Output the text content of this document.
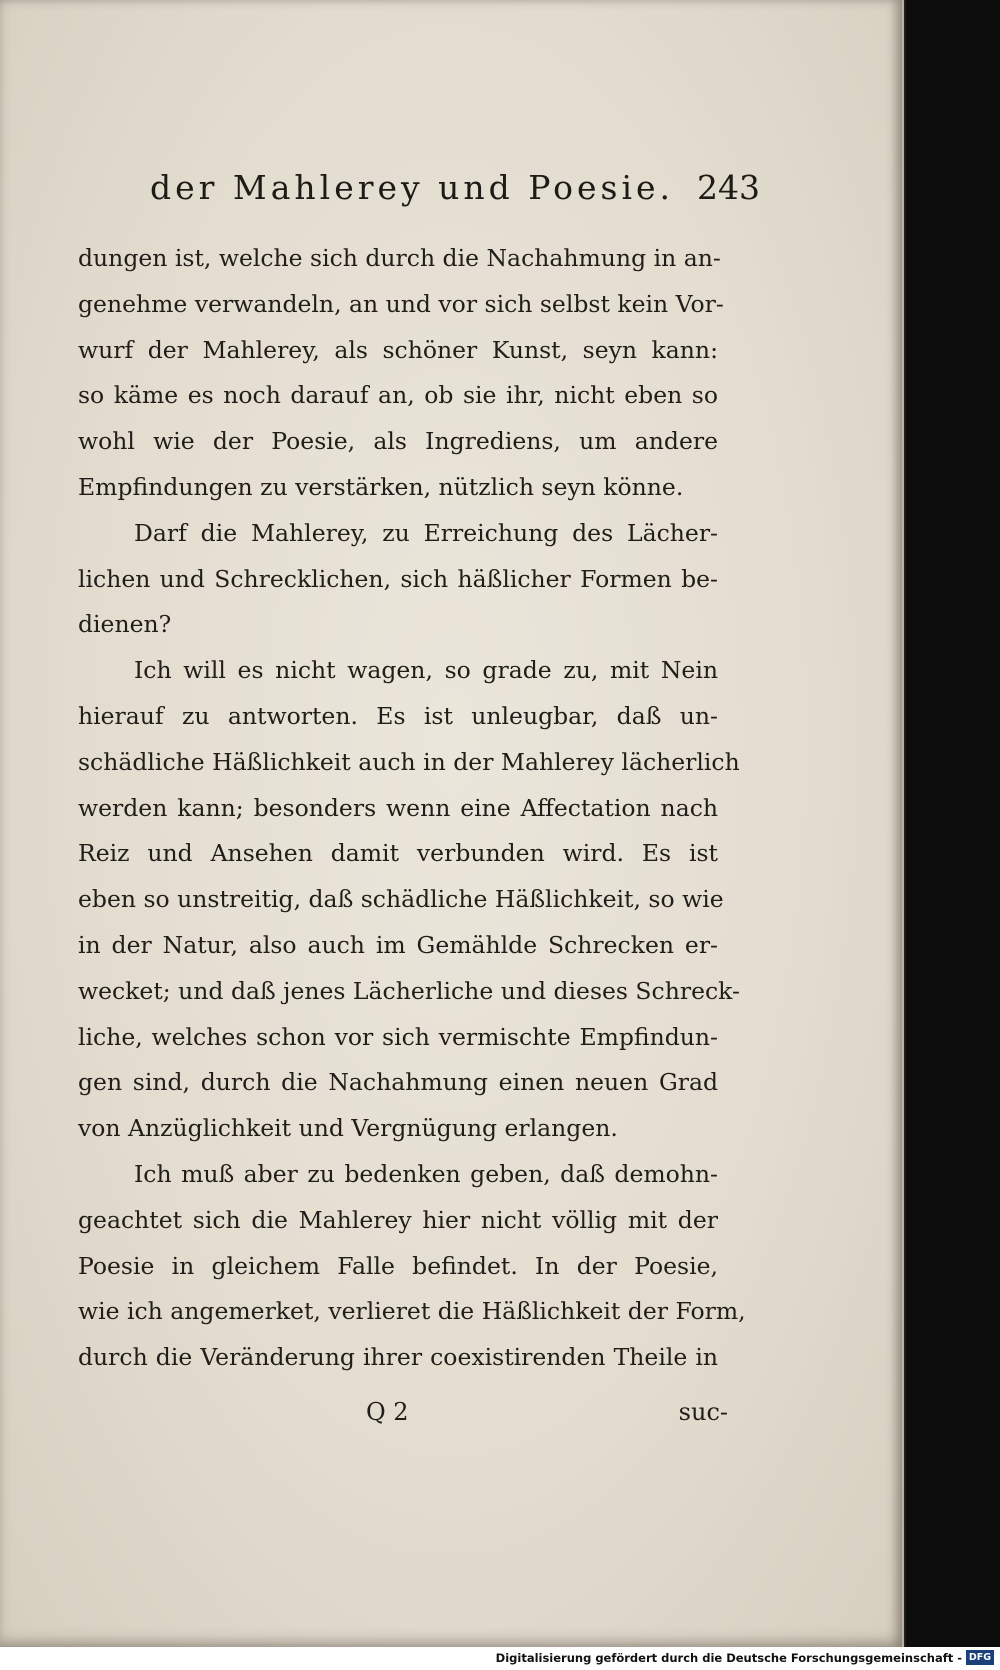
der Mahlerey und Poesie. 243
dungen ist, welche sich durch die Nachahmung in an-
genehme verwandeln, an und vor sich selbst kein Vor-
wurf der Mahlerey, als schöner Kunst, seyn kann:
so käme es noch darauf an, ob sie ihr, nicht eben so
wohl wie der Poesie, als Ingrediens, um andere
Empfindungen zu verstärken, nützlich seyn könne.
Darf die Mahlerey, zu Erreichung des Lächer-
lichen und Schrecklichen, sich häßlicher Formen be-
dienen?
Ich will es nicht wagen, so grade zu, mit Nein
hierauf zu antworten. Es ist unleugbar, daß un-
schädliche Häßlichkeit auch in der Mahlerey lächerlich
werden kann; besonders wenn eine Affectation nach
Reiz und Ansehen damit verbunden wird. Es ist
eben so unstreitig, daß schädliche Häßlichkeit, so wie
in der Natur, also auch im Gemählde Schrecken er-
wecket; und daß jenes Lächerliche und dieses Schreck-
liche, welches schon vor sich vermischte Empfindun-
gen sind, durch die Nachahmung einen neuen Grad
von Anzüglichkeit und Vergnügung erlangen.
Ich muß aber zu bedenken geben, daß demohn-
geachtet sich die Mahlerey hier nicht völlig mit der
Poesie in gleichem Falle befindet. In der Poesie,
wie ich angemerket, verlieret die Häßlichkeit der Form,
durch die Veränderung ihrer coexistirenden Theile in
Q 2	suc-
Digitalisierung gefördert durch die Deutsche Forschungsgemeinschaft - DFG
